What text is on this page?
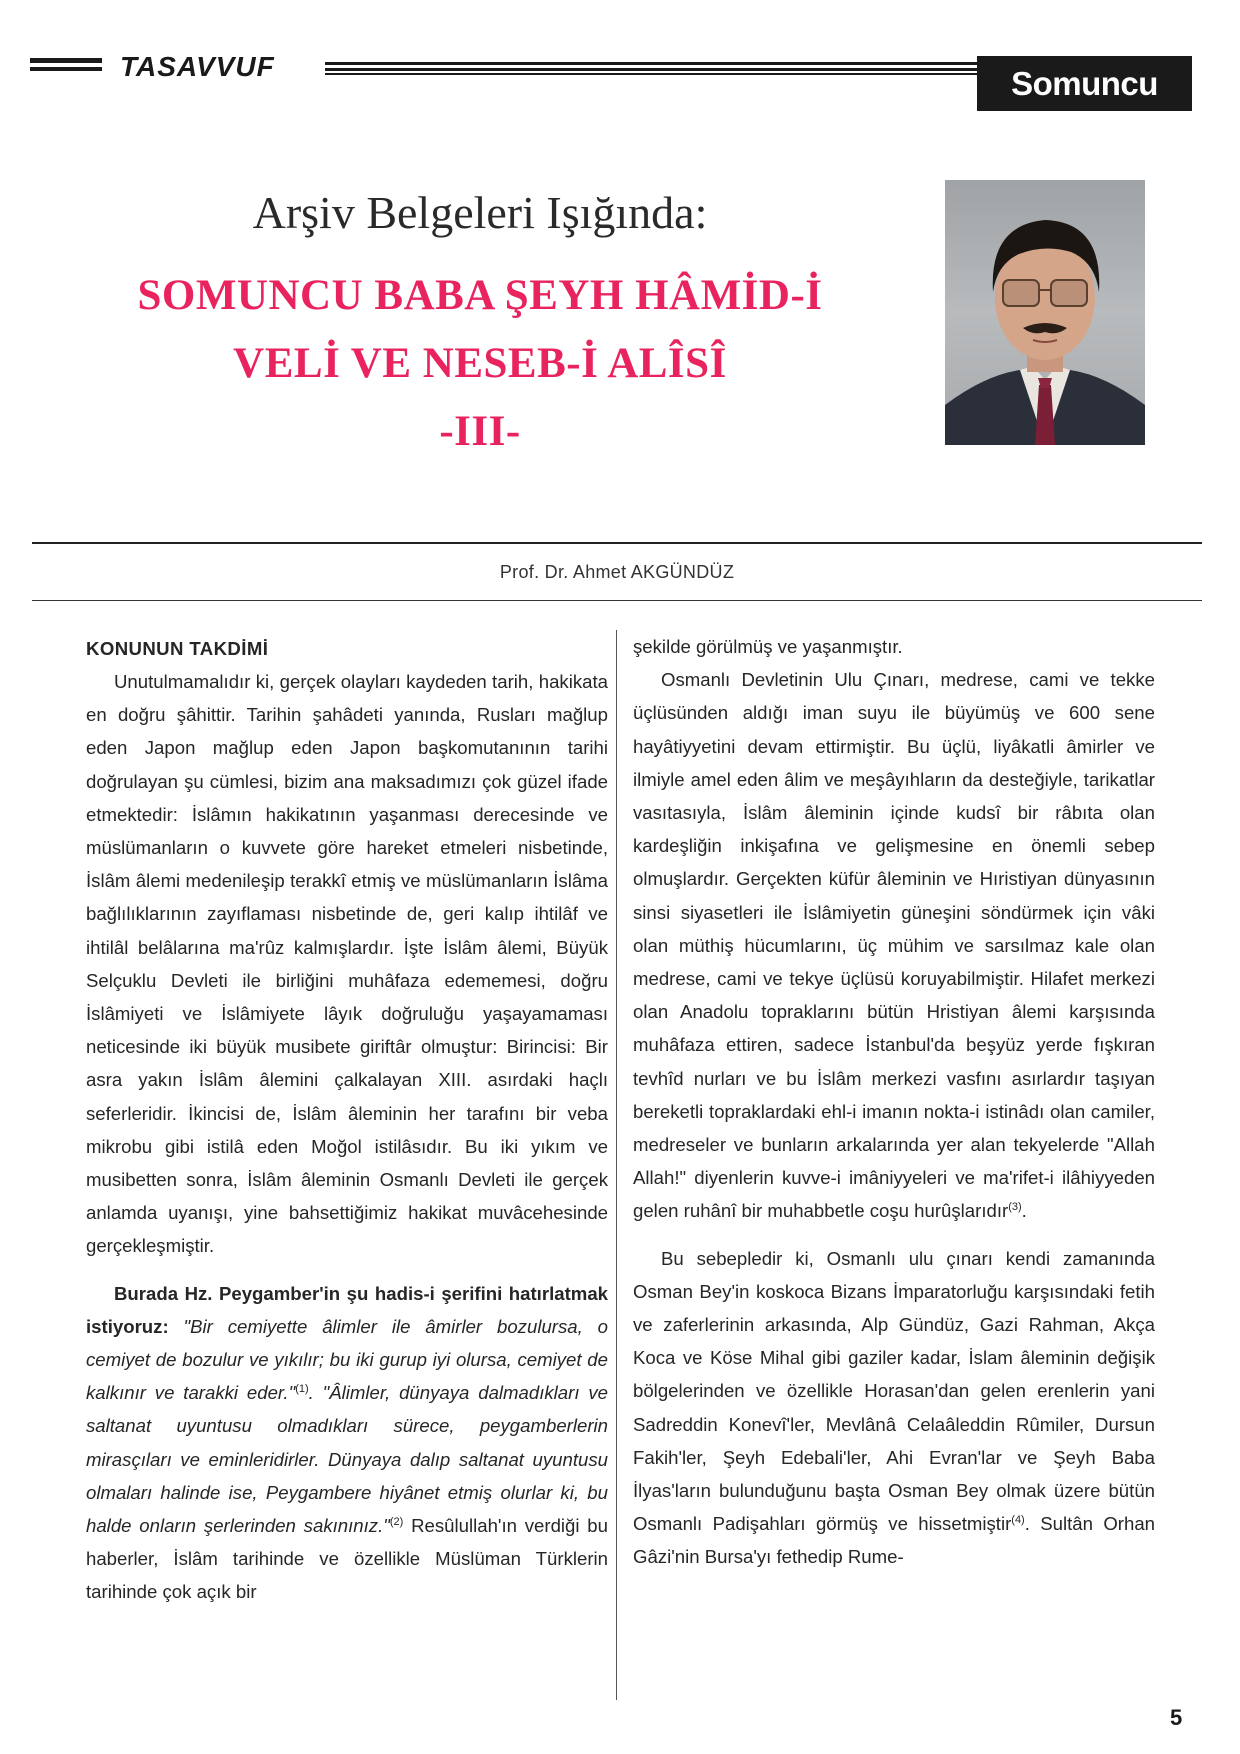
TASAVVUF	Somuncu Baba
Arşiv Belgeleri Işığında:
SOMUNCU BABA ŞEYH HÂMİD-İ
VELİ VE NESEB-İ ALÎSÎ
-III-
Prof. Dr. Ahmet AKGÜNDÜZ

KONUNUN TAKDİMİ

Unutulmamalıdır ki, gerçek olayları kaydeden tarih, hakikata en doğru şâhittir. Tarihin şahâdeti yanında, Rusları mağlup eden Japon mağlup eden Japon başkomutanının tarihi doğrulayan şu cümlesi, bizim ana maksadımızı çok güzel ifade etmektedir: İslâmın hakikatının yaşanması derecesinde ve müslümanların o kuvvete göre hareket etmeleri nisbetinde, İslâm âlemi medenileşip terakkî etmiş ve müslümanların İslâma bağlılıklarının zayıflaması nisbetinde de, geri kalıp ihtilâf ve ihtilâl belâlarına ma'rûz kalmışlardır. İşte İslâm âlemi, Büyük Selçuklu Devleti ile birliğini muhâfaza edememesi, doğru İslâmiyeti ve İslâmiyete lâyık doğruluğu yaşayamaması neticesinde iki büyük musibete giriftâr olmuştur: Birincisi: Bir asra yakın İslâm âlemini çalkalayan XIII. asırdaki haçlı seferleridir. İkincisi de, İslâm âleminin her tarafını bir veba mikrobu gibi istilâ eden Moğol istilâsıdır. Bu iki yıkım ve musibetten sonra, İslâm âleminin Osmanlı Devleti ile gerçek anlamda uyanışı, yine bahsettiğimiz hakikat muvâcehesinde gerçekleşmiştir.

Burada Hz. Peygamber'in şu hadis-i şerifini hatırlatmak istiyoruz: "Bir cemiyette âlimler ile âmirler bozulursa, o cemiyet de bozulur ve yıkılır; bu iki gurup iyi olursa, cemiyet de kalkınır ve tarakki eder."$^{(1)}$. "Âlimler, dünyaya dalmadıkları ve saltanat uyuntusu olmadıkları sürece, peygamberlerin mirasçıları ve eminleridirler. Dünyaya dalıp saltanat uyuntusu olmaları halinde ise, Peygambere hiyânet etmiş olurlar ki, bu halde onların şerlerinden sakınınız."$^{(2)}$ Resûlullah'ın verdiği bu haberler, İslâm tarihinde ve özellikle Müslüman Türklerin tarihinde çok açık bir

şekilde görülmüş ve yaşanmıştır.

Osmanlı Devletinin Ulu Çınarı, medrese, cami ve tekke üçlüsünden aldığı iman suyu ile büyümüş ve 600 sene hayâtiyyetini devam ettirmiştir. Bu üçlü, liyâkatli âmirler ve ilmiyle amel eden âlim ve meşâyıhların da desteğiyle, tarikatlar vasıtasıyla, İslâm âleminin içinde kudsî bir râbıta olan kardeşliğin inkişafına ve gelişmesine en önemli sebep olmuşlardır. Gerçekten küfür âleminin ve Hıristiyan dünyasının sinsi siyasetleri ile İslâmiyetin güneşini söndürmek için vâki olan müthiş hücumlarını, üç mühim ve sarsılmaz kale olan medrese, cami ve tekye üçlüsü koruyabilmiştir. Hilafet merkezi olan Anadolu topraklarını bütün Hristiyan âlemi karşısında muhâfaza ettiren, sadece İstanbul'da beşyüz yerde fışkıran tevhîd nurları ve bu İslâm merkezi vasfını asırlardır taşıyan bereketli topraklardaki ehl-i imanın nokta-i istinâdı olan camiler, medreseler ve bunların arkalarında yer alan tekyelerde "Allah Allah!" diyenlerin kuvve-i imâniyyeleri ve ma'rifet-i ilâhiyyeden gelen ruhânî bir muhabbetle coşu hurûşlarıdır$^{(3)}$.

Bu sebepledir ki, Osmanlı ulu çınarı kendi zamanında Osman Bey'in koskoca Bizans İmparatorluğu karşısındaki fetih ve zaferlerinin arkasında, Alp Gündüz, Gazi Rahman, Akça Koca ve Köse Mihal gibi gaziler kadar, İslam âleminin değişik bölgelerinden ve özellikle Horasan'dan gelen erenlerin yani Sadreddin Konevî'ler, Mevlânâ Celaâleddin Rûmiler, Dursun Fakih'ler, Şeyh Edebali'ler, Ahi Evran'lar ve Şeyh Baba İlyas'ların bulunduğunu başta Osman Bey olmak üzere bütün Osmanlı Padişahları görmüş ve hissetmiştir$^{(4)}$. Sultân Orhan Gâzi'nin Bursa'yı fethedip Rume-

5
